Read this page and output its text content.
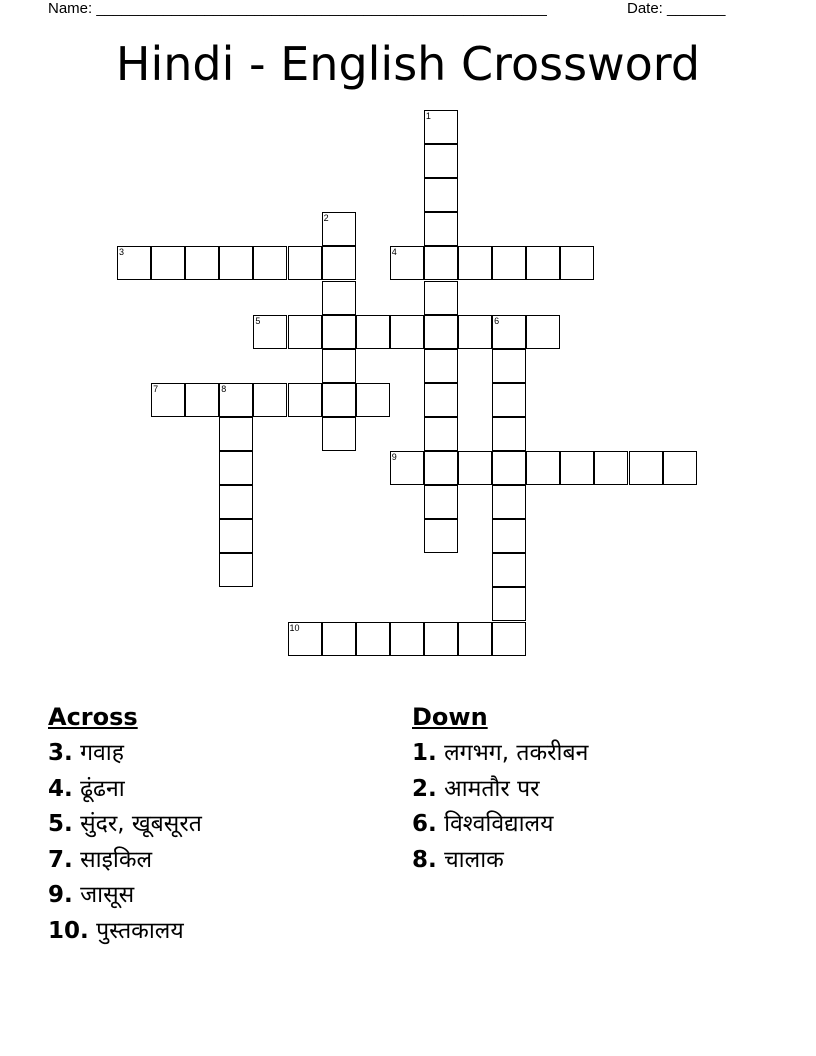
Name: ______________________________________________________	Date: _______
Hindi - English Crossword
1
2
3	4
5	6
7	8
9
10
Across
3. गवाह
4. ढूंढना
5. सुंदर, खूबसूरत
7. साइकिल
9. जासूस
10. पुस्तकालय
Down
1. लगभग, तकरीबन
2. आमतौर पर
6. विश्वविद्यालय
8. चालाक
